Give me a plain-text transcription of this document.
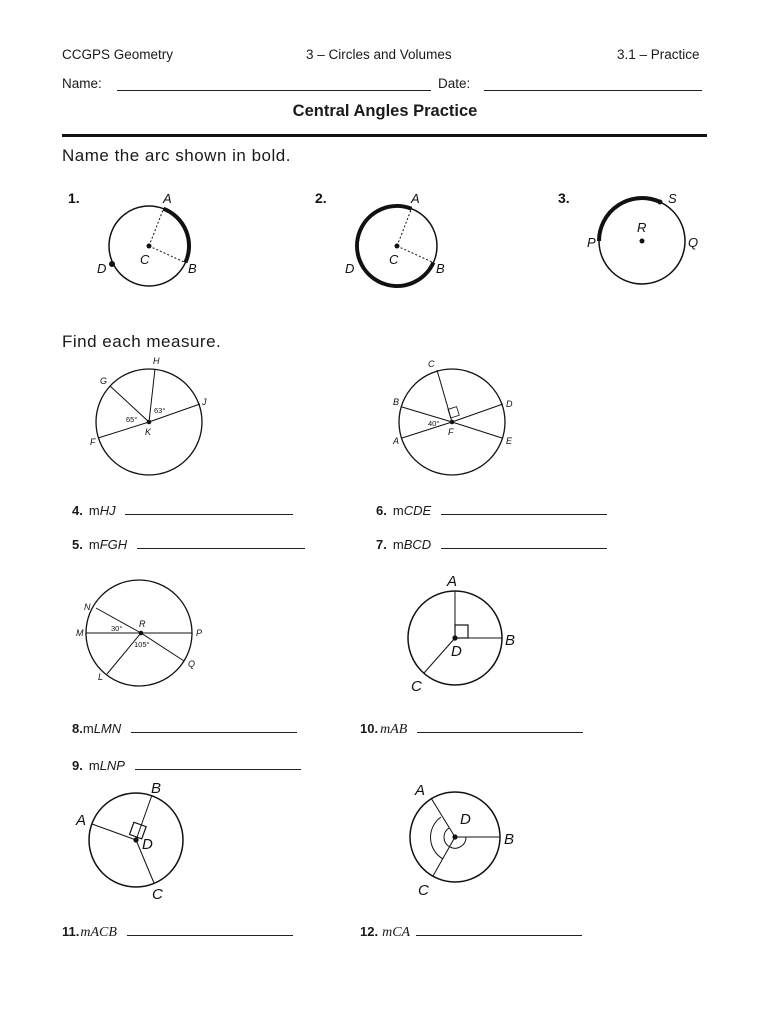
CCGPS Geometry	3 – Circles and Volumes	3.1 – Practice
Name:	Date:
Central Angles Practice
Name the arc shown in bold.
1.	A
C
D	B
2.	A
C
D	B
3.	S
R
P	Q
Find each measure.
H
G
J
F
K
65°
63°
C
B	D
A	E
F
40°
4. mHJ
5. mFGH
6. mCDE
7. mBCD
N
M
R
P
L
Q
30°
105°
A
B
D
C
8.mLMN
9. mLNP
10. mAB
B
A
D
C
A
D
B
C
11.mACB	12. mCA
